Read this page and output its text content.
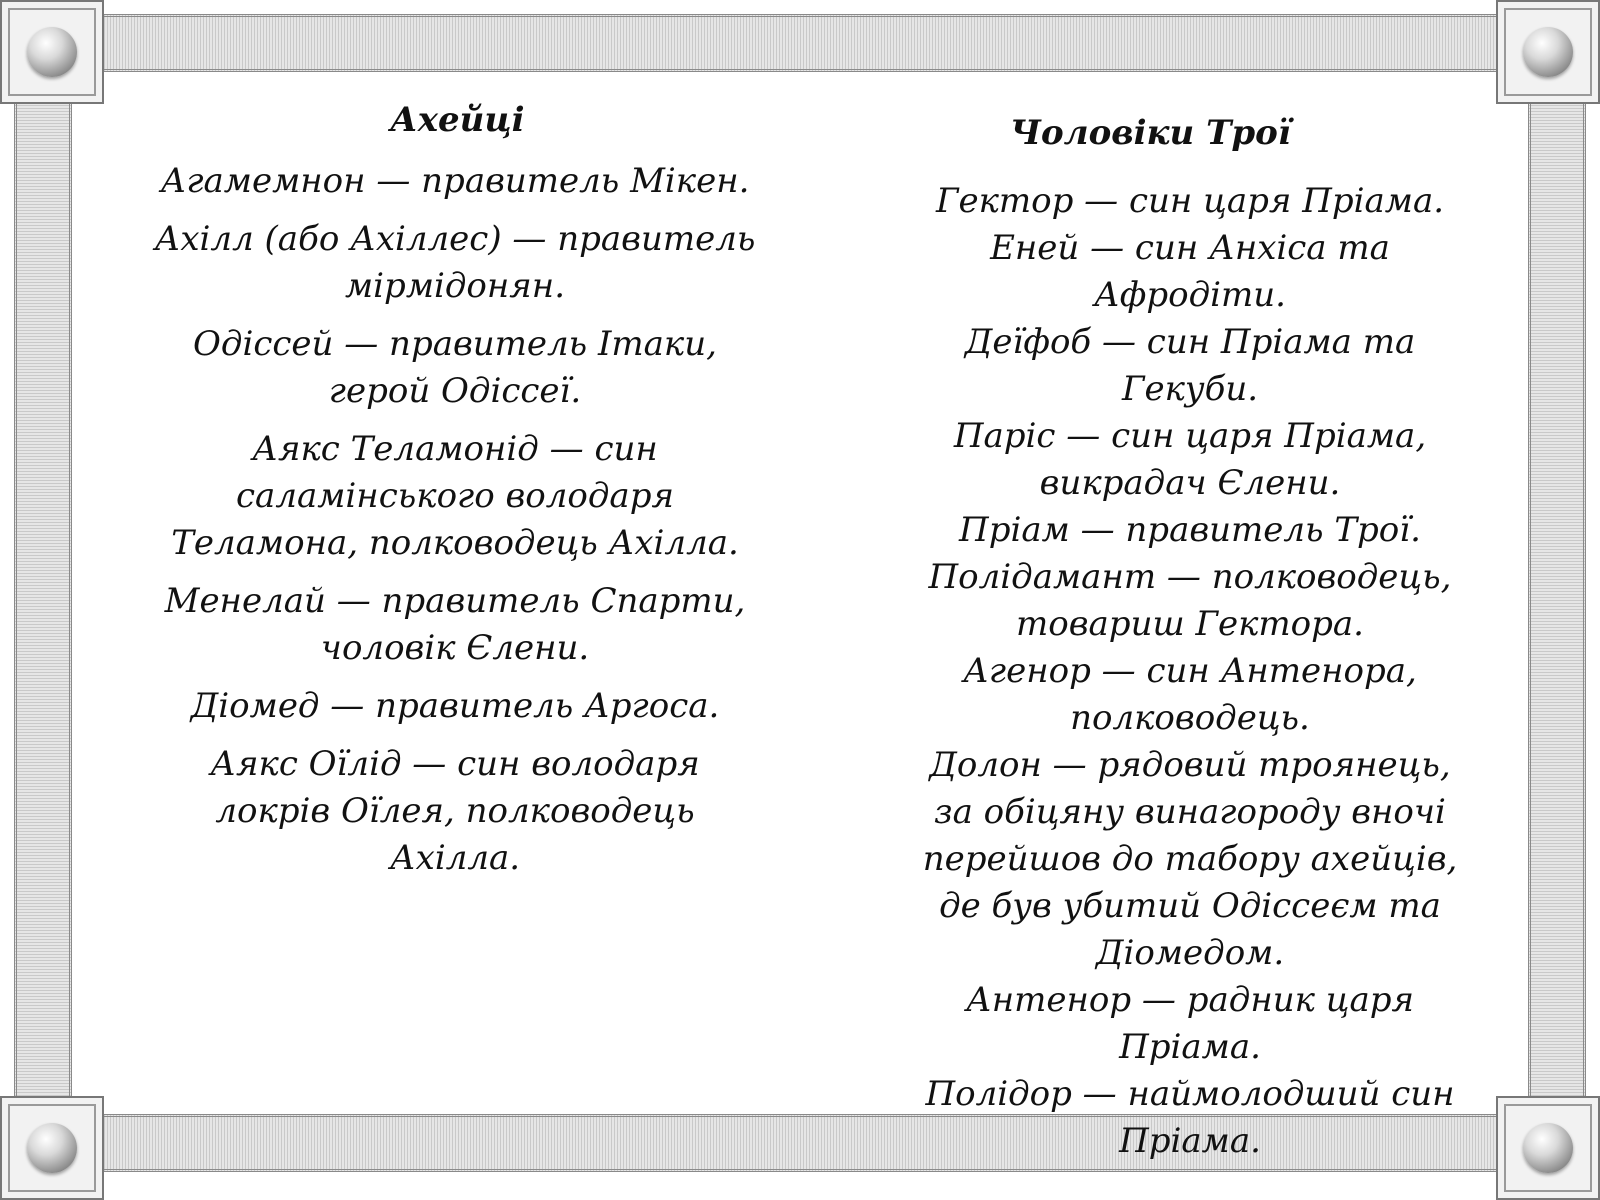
Ахейці

Агамемнон — правитель Мікен.

Ахілл (або Ахіллес) — правитель мірмідонян.

Одіссей — правитель Ітаки, герой Одіссеї.

Аякс Теламонід — син саламінського володаря Теламона, полководець Ахілла.

Менелай — правитель Спарти, чоловік Єлени.

Діомед — правитель Аргоса.

Аякс Оїлід — син володаря локрів Оїлея, полководець Ахілла.

Чоловіки Трої

Гектор — син царя Пріама.

Еней — син Анхіса та Афродіти.

Деїфоб — син Пріама та Гекуби.

Паріс — син царя Пріама, викрадач Єлени.

Пріам — правитель Трої.

Полідамант — полководець, товариш Гектора.

Агенор — син Антенора, полководець.

Долон — рядовий троянець, за обіцяну винагороду вночі перейшов до табору ахейців, де був убитий Одіссеєм та Діомедом.

Антенор — радник царя Пріама.

Полідор — наймолодший син Пріама.
